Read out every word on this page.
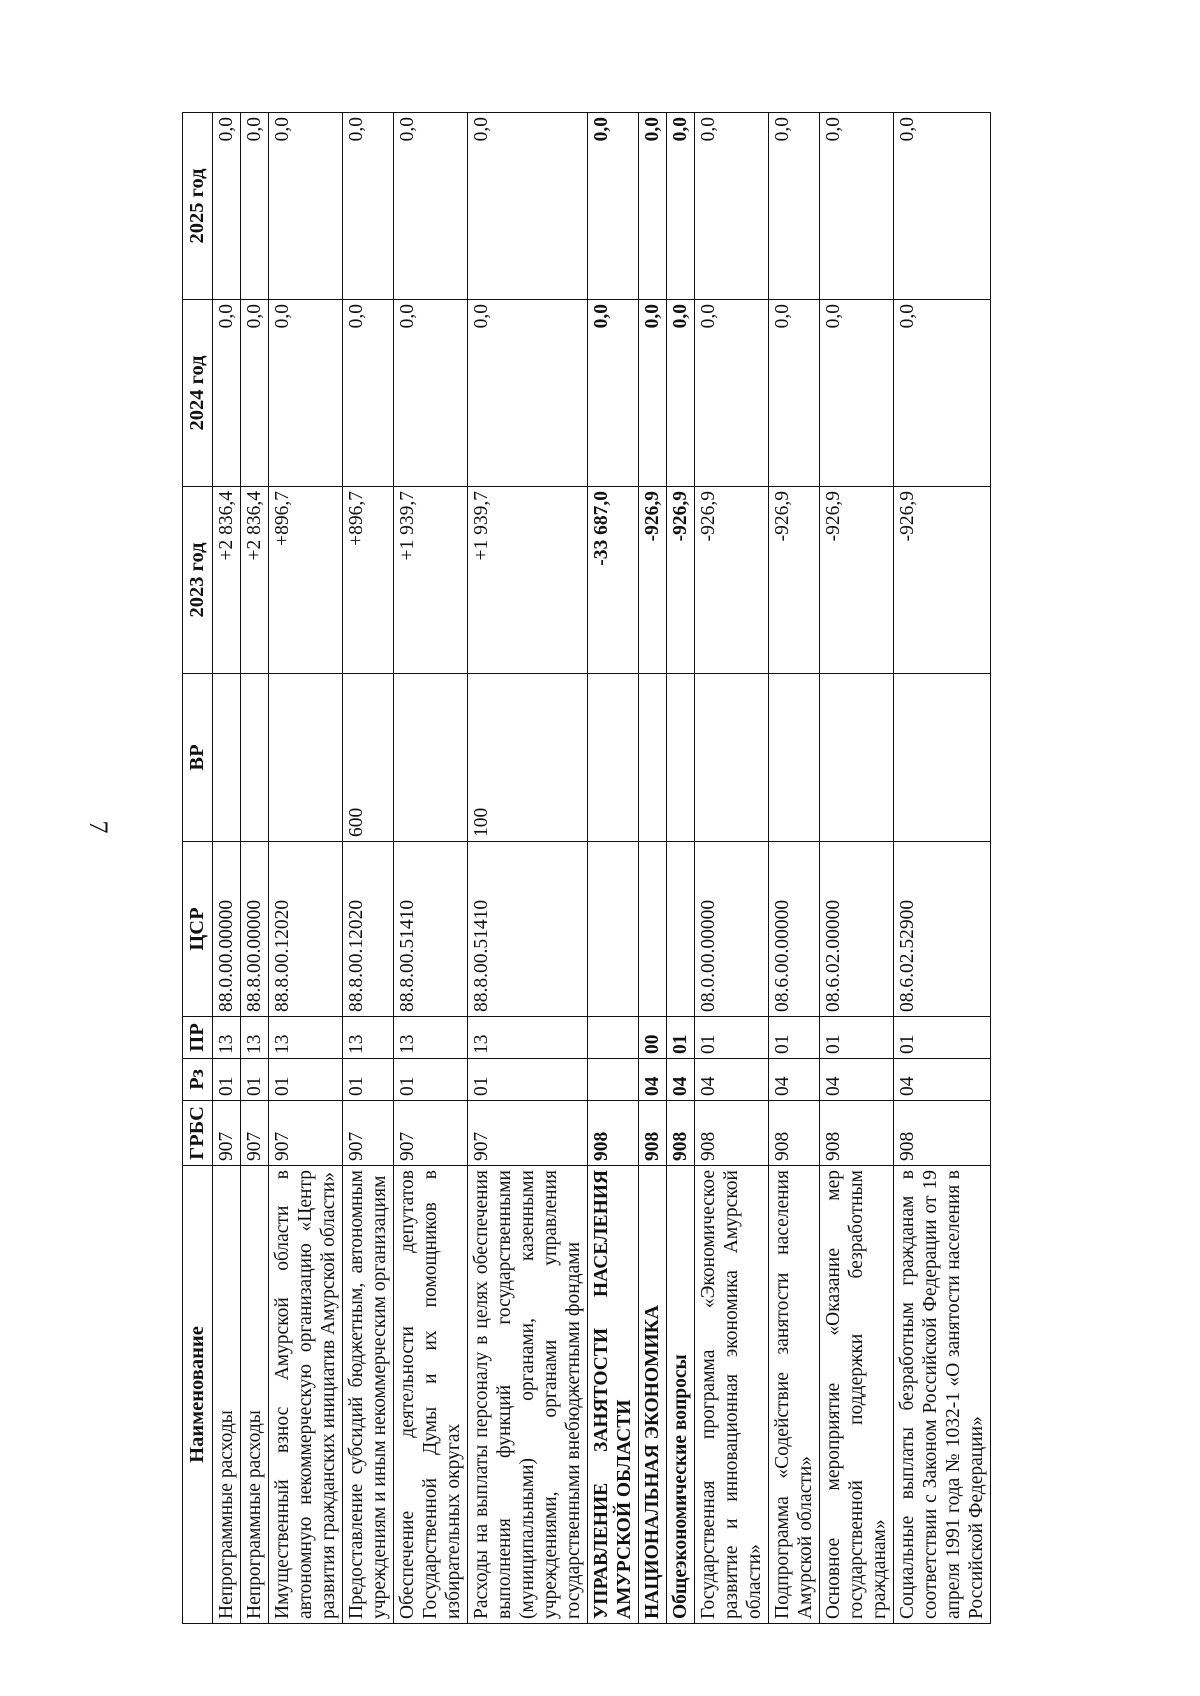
7
Наименование	ГРБС	Рз	ПР	ЦСР	ВР	2023 год	2024 год	2025 год
Непрограммные расходы	907	01	13	88.0.00.00000		+2 836,4	0,0	0,0
Непрограммные расходы	907	01	13	88.8.00.00000		+2 836,4	0,0	0,0
Имущественный взнос Амурской области в автономную некоммерческую организацию «Центр развития гражданских инициатив Амурской области»	907	01	13	88.8.00.12020		+896,7	0,0	0,0
Предоставление субсидий бюджетным, автономным учреждениям и иным некоммерческим организациям	907	01	13	88.8.00.12020	600	+896,7	0,0	0,0
Обеспечение деятельности депутатов Государственной Думы и их помощников в избирательных округах	907	01	13	88.8.00.51410		+1 939,7	0,0	0,0
Расходы на выплаты персоналу в целях обеспечения выполнения функций государственными (муниципальными) органами, казенными учреждениями, органами управления государственными внебюджетными фондами	907	01	13	88.8.00.51410	100	+1 939,7	0,0	0,0
УПРАВЛЕНИЕ ЗАНЯТОСТИ НАСЕЛЕНИЯ АМУРСКОЙ ОБЛАСТИ	908					-33 687,0	0,0	0,0
НАЦИОНАЛЬНАЯ ЭКОНОМИКА	908	04	00			-926,9	0,0	0,0
Общеэкономические вопросы	908	04	01			-926,9	0,0	0,0
Государственная программа «Экономическое развитие и инновационная экономика Амурской области»	908	04	01	08.0.00.00000		-926,9	0,0	0,0
Подпрограмма «Содействие занятости населения Амурской области»	908	04	01	08.6.00.00000		-926,9	0,0	0,0
Основное мероприятие «Оказание мер государственной поддержки безработным гражданам»	908	04	01	08.6.02.00000		-926,9	0,0	0,0
Социальные выплаты безработным гражданам в соответствии с Законом Российской Федерации от 19 апреля 1991 года № 1032-1 «О занятости населения в Российской Федерации»	908	04	01	08.6.02.52900		-926,9	0,0	0,0
